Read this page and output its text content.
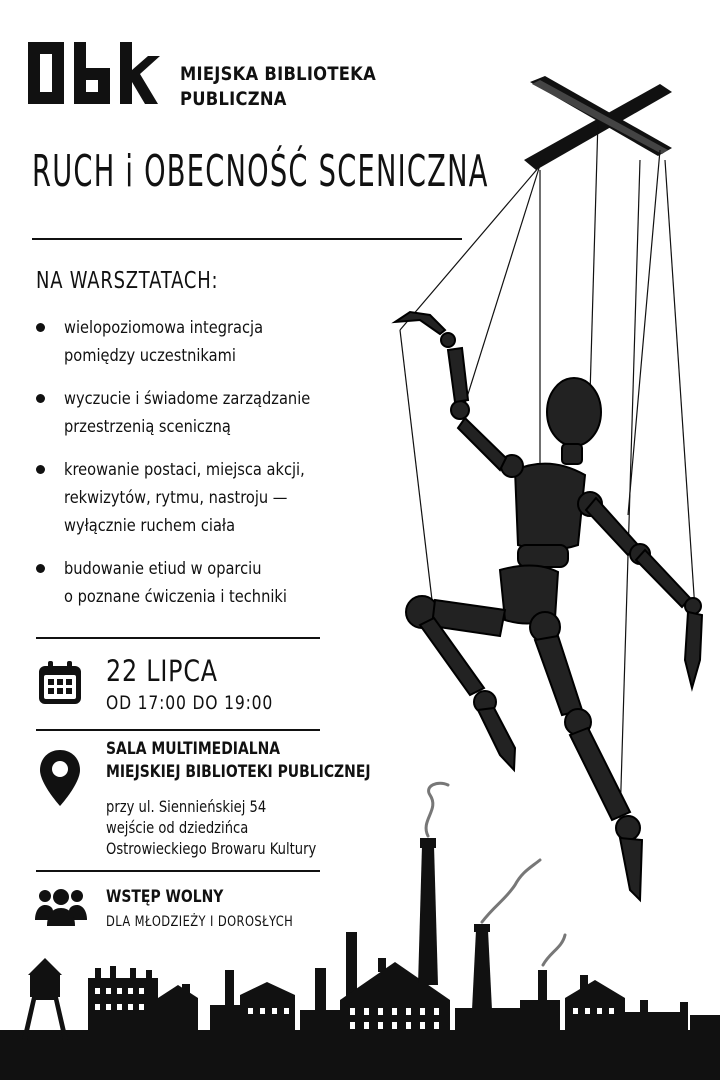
MIEJSKA BIBLIOTEKA
PUBLICZNA
RUCH i OBECNOŚĆ SCENICZNA
NA WARSZTATACH:
wielopoziomowa integracja
pomiędzy uczestnikami
wyczucie i świadome zarządzanie
przestrzenią sceniczną
kreowanie postaci, miejsca akcji,
rekwizytów, rytmu, nastroju —
wyłącznie ruchem ciała
budowanie etiud w oparciu
o poznane ćwiczenia i techniki
22 LIPCA
OD 17:00 DO 19:00
SALA MULTIMEDIALNA
MIEJSKIEJ BIBLIOTEKI PUBLICZNEJ
przy ul. Siennieńskiej 54
wejście od dziedzińca
Ostrowieckiego Browaru Kultury
WSTĘP WOLNY
DLA MŁODZIEŻY I DOROSŁYCH
